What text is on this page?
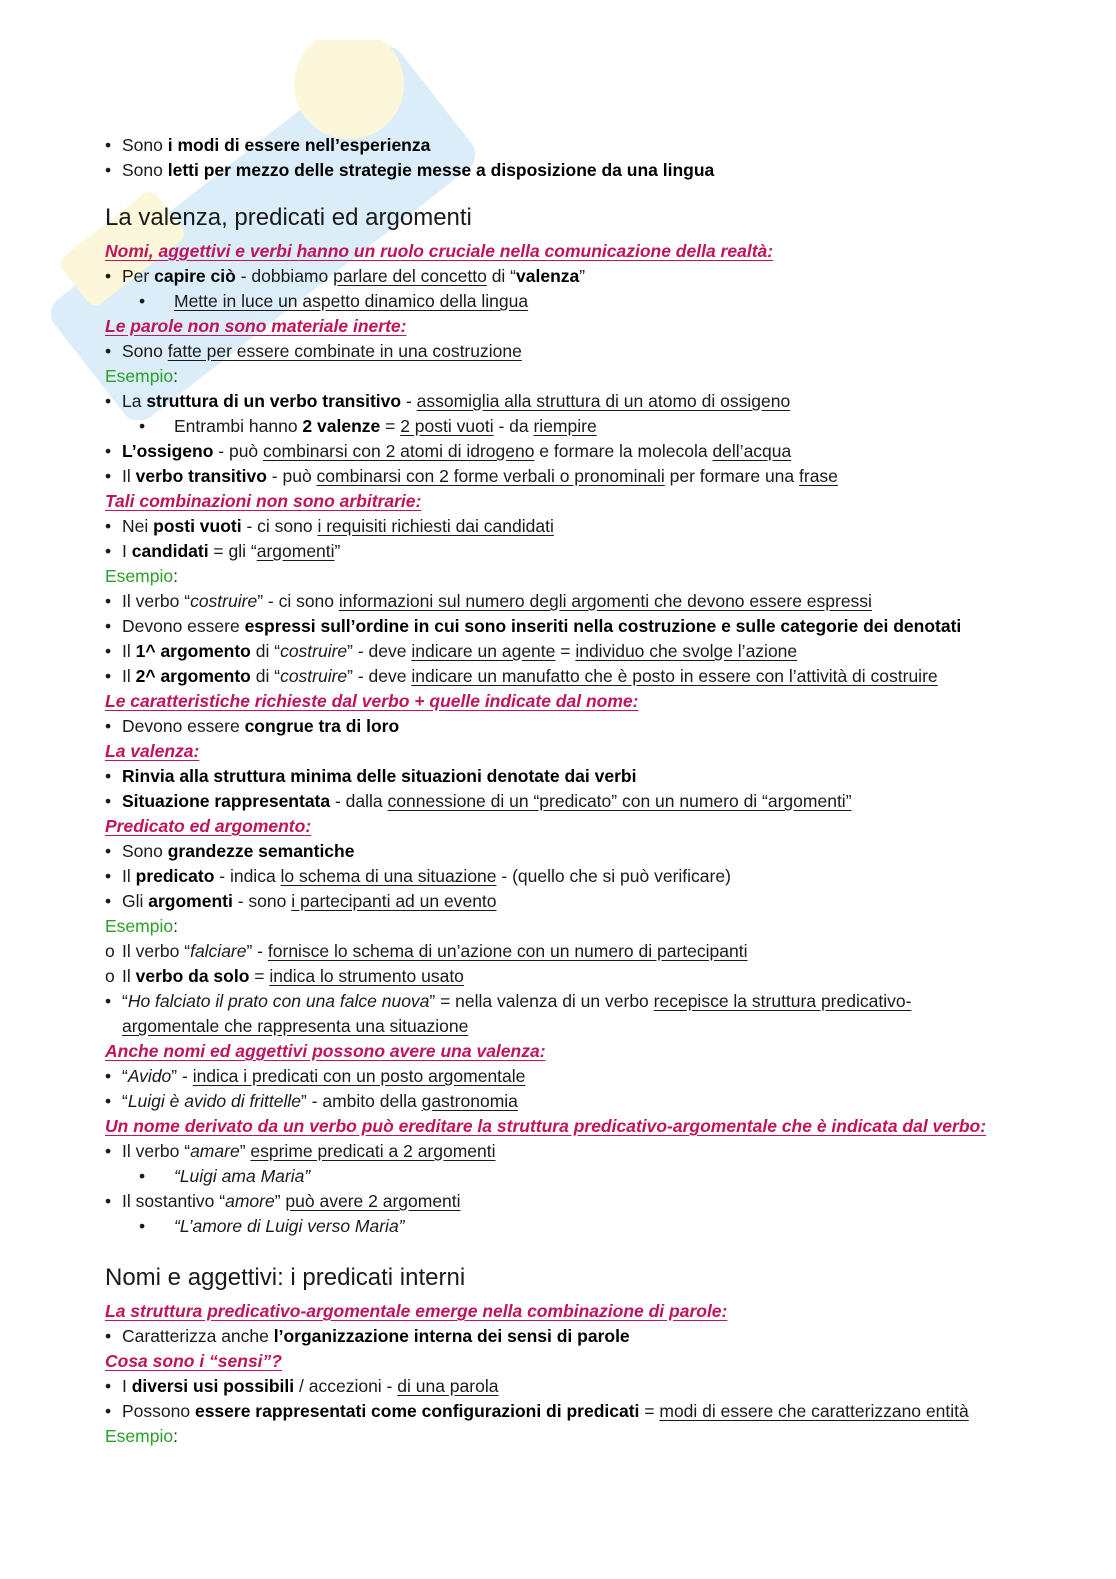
• Sono i modi di essere nell’esperienza
• Sono letti per mezzo delle strategie messe a disposizione da una lingua
La valenza, predicati ed argomenti
Nomi, aggettivi e verbi hanno un ruolo cruciale nella comunicazione della realtà:
• Per capire ciò - dobbiamo parlare del concetto di “valenza”
• Mette in luce un aspetto dinamico della lingua
Le parole non sono materiale inerte:
• Sono fatte per essere combinate in una costruzione
Esempio:
• La struttura di un verbo transitivo - assomiglia alla struttura di un atomo di ossigeno
• Entrambi hanno 2 valenze = 2 posti vuoti - da riempire
• L’ossigeno - può combinarsi con 2 atomi di idrogeno e formare la molecola dell’acqua
• Il verbo transitivo - può combinarsi con 2 forme verbali o pronominali per formare una frase
Tali combinazioni non sono arbitrarie:
• Nei posti vuoti - ci sono i requisiti richiesti dai candidati
• I candidati = gli “argomenti”
Esempio:
• Il verbo “costruire” - ci sono informazioni sul numero degli argomenti che devono essere espressi
• Devono essere espressi sull’ordine in cui sono inseriti nella costruzione e sulle categorie dei denotati
• Il 1^ argomento di “costruire” - deve indicare un agente = individuo che svolge l’azione
• Il 2^ argomento di “costruire” - deve indicare un manufatto che è posto in essere con l’attività di costruire
Le caratteristiche richieste dal verbo + quelle indicate dal nome:
• Devono essere congrue tra di loro
La valenza:
• Rinvia alla struttura minima delle situazioni denotate dai verbi
• Situazione rappresentata - dalla connessione di un “predicato” con un numero di “argomenti”
Predicato ed argomento:
• Sono grandezze semantiche
• Il predicato - indica lo schema di una situazione - (quello che si può verificare)
• Gli argomenti - sono i partecipanti ad un evento
Esempio:
o Il verbo “falciare” - fornisce lo schema di un’azione con un numero di partecipanti
o Il verbo da solo = indica lo strumento usato
• “Ho falciato il prato con una falce nuova” = nella valenza di un verbo recepisce la struttura predicativo-
argomentale che rappresenta una situazione
Anche nomi ed aggettivi possono avere una valenza:
• “Avido” - indica i predicati con un posto argomentale
• “Luigi è avido di frittelle” - ambito della gastronomia
Un nome derivato da un verbo può ereditare la struttura predicativo-argomentale che è indicata dal verbo:
• Il verbo “amare” esprime predicati a 2 argomenti
• “Luigi ama Maria”
• Il sostantivo “amore” può avere 2 argomenti
• “L’amore di Luigi verso Maria”
Nomi e aggettivi: i predicati interni
La struttura predicativo-argomentale emerge nella combinazione di parole:
• Caratterizza anche l’organizzazione interna dei sensi di parole
Cosa sono i “sensi”?
• I diversi usi possibili / accezioni - di una parola
• Possono essere rappresentati come configurazioni di predicati = modi di essere che caratterizzano entità
Esempio:
